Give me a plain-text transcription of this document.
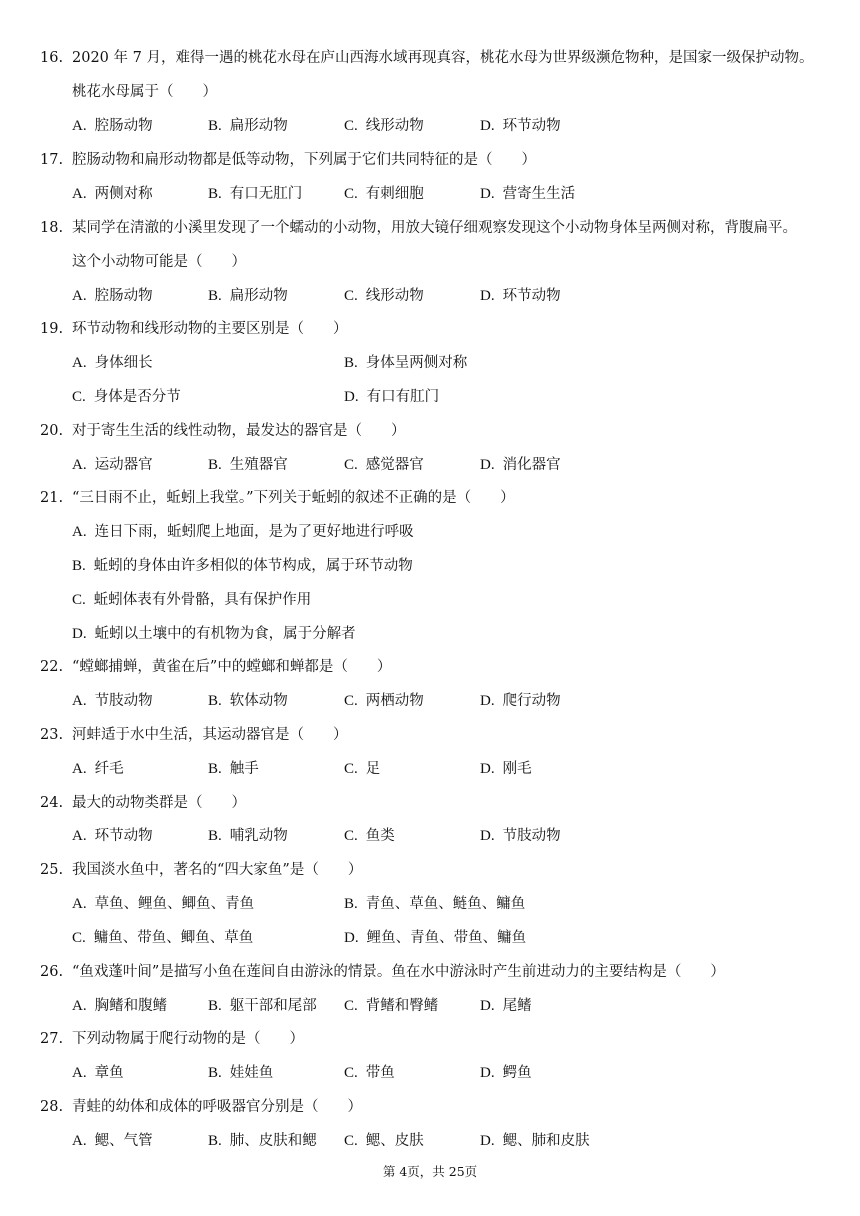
16. 2020 年 7 月，难得一遇的桃花水母在庐山西海水域再现真容，桃花水母为世界级濒危物种，是国家一级保护动物。
桃花水母属于（　　）
A. 腔肠动物	B. 扁形动物	C. 线形动物	D. 环节动物
17. 腔肠动物和扁形动物都是低等动物，下列属于它们共同特征的是（　　）
A. 两侧对称	B. 有口无肛门	C. 有刺细胞	D. 营寄生生活
18. 某同学在清澈的小溪里发现了一个蠕动的小动物，用放大镜仔细观察发现这个小动物身体呈两侧对称，背腹扁平。
这个小动物可能是（　　）
A. 腔肠动物	B. 扁形动物	C. 线形动物	D. 环节动物
19. 环节动物和线形动物的主要区别是（　　）
A. 身体细长	B. 身体呈两侧对称
C. 身体是否分节	D. 有口有肛门
20. 对于寄生生活的线性动物，最发达的器官是（　　）
A. 运动器官	B. 生殖器官	C. 感觉器官	D. 消化器官
21. “三日雨不止，蚯蚓上我堂。”下列关于蚯蚓的叙述不正确的是（　　）
A. 连日下雨，蚯蚓爬上地面，是为了更好地进行呼吸
B. 蚯蚓的身体由许多相似的体节构成，属于环节动物
C. 蚯蚓体表有外骨骼，具有保护作用
D. 蚯蚓以土壤中的有机物为食，属于分解者
22. “螳螂捕蝉，黄雀在后”中的螳螂和蝉都是（　　）
A. 节肢动物	B. 软体动物	C. 两栖动物	D. 爬行动物
23. 河蚌适于水中生活，其运动器官是（　　）
A. 纤毛	B. 触手	C. 足	D. 刚毛
24. 最大的动物类群是（　　）
A. 环节动物	B. 哺乳动物	C. 鱼类	D. 节肢动物
25. 我国淡水鱼中，著名的“四大家鱼”是（　　）
A. 草鱼、鲤鱼、鲫鱼、青鱼	B. 青鱼、草鱼、鲢鱼、鳙鱼
C. 鳙鱼、带鱼、鲫鱼、草鱼	D. 鲤鱼、青鱼、带鱼、鳙鱼
26. “鱼戏蓬叶间”是描写小鱼在莲间自由游泳的情景。鱼在水中游泳时产生前进动力的主要结构是（　　）
A. 胸鳍和腹鳍	B. 躯干部和尾部 C. 背鳍和臀鳍	D. 尾鳍
27. 下列动物属于爬行动物的是（　　）
A. 章鱼	B. 娃娃鱼	C. 带鱼	D. 鳄鱼
28. 青蛙的幼体和成体的呼吸器官分别是（　　）
A. 鳃、气管	B. 肺、皮肤和鳃 C. 鳃、皮肤	D. 鳃、肺和皮肤
第 4页，共 25页
